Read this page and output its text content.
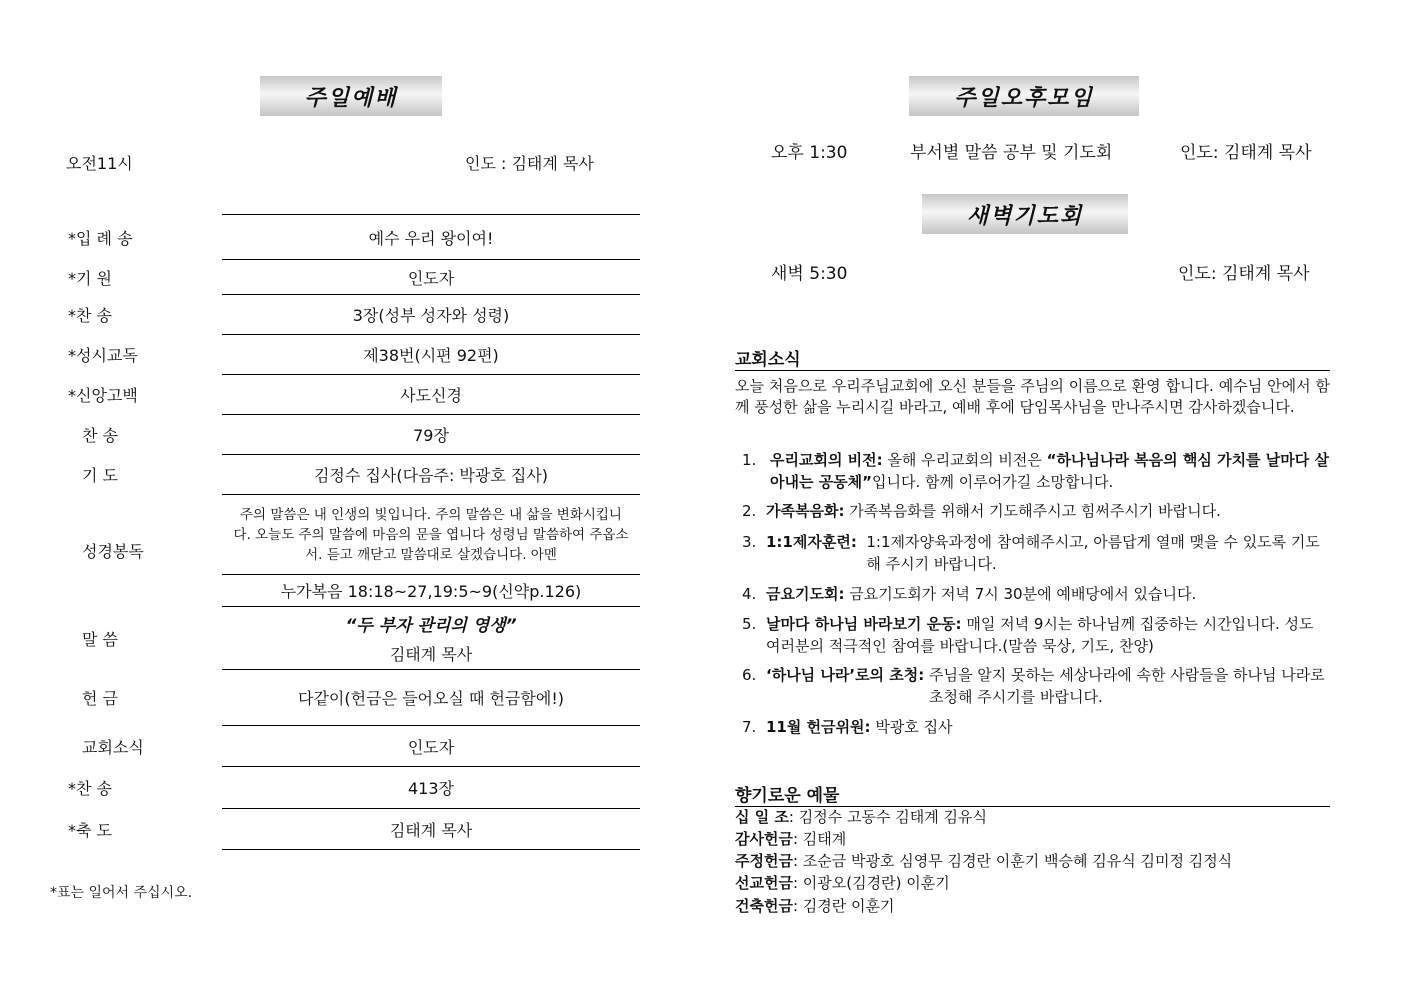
주일예배
오전11시	인도 : 김태계 목사
*입 례 송	예수 우리 왕이여!
*기 원	인도자
*찬 송	3장(성부 성자와 성령)
*성시교독	제38번(시편 92편)
*신앙고백	사도신경
찬 송	79장
기 도	김정수 집사(다음주: 박광호 집사)
성경봉독	주의 말씀은 내 인생의 빛입니다. 주의 말씀은 내 삶을 변화시킵니다. 오늘도 주의 말씀에 마음의 문을 엽니다 성령님 말씀하여 주옵소서. 듣고 깨닫고 말씀대로 살겠습니다. 아멘
	누가복음 18:18~27,19:5~9(신약p.126)
말 씀	“두 부자 관리의 영생”
김태계 목사

헌 금	다같이(헌금은 들어오실 때 헌금함에!)
교회소식	인도자
*찬 송	413장
*축 도	김태계 목사
*표는 일어서 주십시오.
주일오후모임
오후 1:30	부서별 말씀 공부 및 기도회	인도: 김태계 목사
새벽기도회
새벽 5:30	인도: 김태계 목사
교회소식
오늘 처음으로 우리주님교회에 오신 분들을 주님의 이름으로 환영 합니다. 예수님 안에서 함께 풍성한 삶을 누리시길 바라고, 예배 후에 담임목사님을 만나주시면 감사하겠습니다.
1. 우리교회의 비전: 올해 우리교회의 비전은 “하나님나라 복음의 핵심 가치를 날마다 살아내는 공동체”입니다. 함께 이루어가길 소망합니다.
2. 가족복음화:
가족복음화를 위해서 기도해주시고 힘써주시기 바랍니다.
3. 1:1제자훈련:
1:1제자양육과정에 참여해주시고, 아름답게 열매 맺을 수 있도록 기도해 주시기 바랍니다.
4. 금요기도회:
금요기도회가 저녁 7시 30분에 예배당에서 있습니다.
5. 날마다 하나님 바라보기 운동: 매일 저녁 9시는 하나님께 집중하는 시간입니다. 성도 여러분의 적극적인 참여를 바랍니다.(말씀 묵상, 기도, 찬양)
6. ‘하나님 나라’로의 초청:
주님을 알지 못하는 세상나라에 속한 사람들을 하나님 나라로 초청해 주시기를 바랍니다.
7. 11월 헌금위원:
박광호 집사
향기로운 예물
십 일 조: 김정수 고동수 김태계 김유식
감사헌금: 김태계
주정헌금: 조순금 박광호 심영무 김경란 이훈기 백승혜 김유식 김미정 김정식
선교헌금: 이광오(김경란) 이훈기
건축헌금: 김경란 이훈기
